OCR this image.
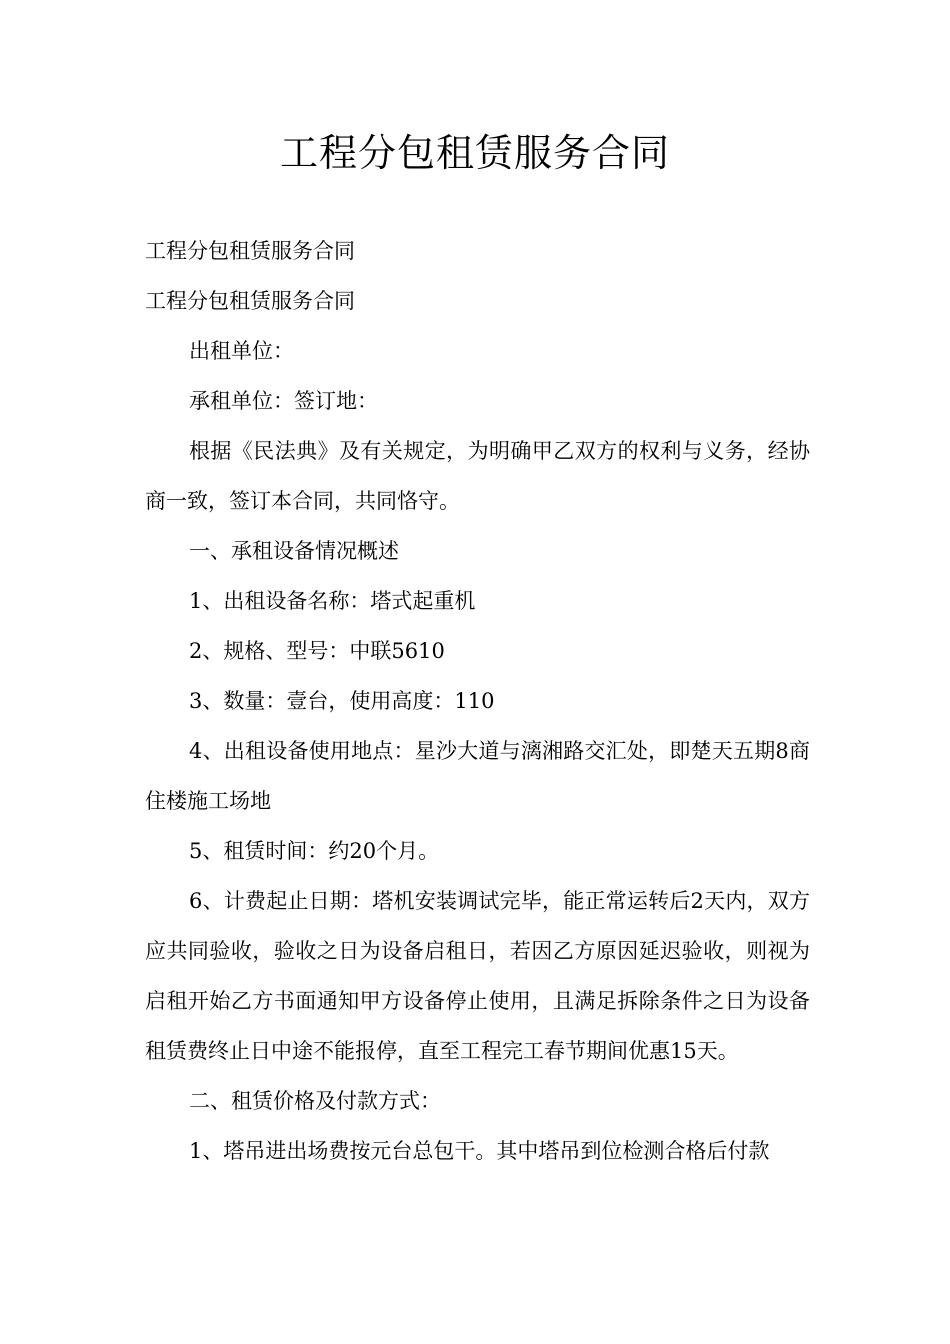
工程分包租赁服务合同

工程分包租赁服务合同

工程分包租赁服务合同

出租单位：

承租单位：签订地：

根据《民法典》及有关规定，为明确甲乙双方的权利与义务，经协商一致，签订本合同，共同恪守。

一、承租设备情况概述

1、出租设备名称：塔式起重机

2、规格、型号：中联5610

3、数量：壹台，使用高度：110

4、出租设备使用地点：星沙大道与漓湘路交汇处，即楚天五期8商住楼施工场地

5、租赁时间：约20个月。

6、计费起止日期：塔机安装调试完毕，能正常运转后2天内，双方应共同验收，验收之日为设备启租日，若因乙方原因延迟验收，则视为启租开始乙方书面通知甲方设备停止使用，且满足拆除条件之日为设备租赁费终止日中途不能报停，直至工程完工春节期间优惠15天。

二、租赁价格及付款方式：

1、塔吊进出场费按元台总包干。其中塔吊到位检测合格后付款
